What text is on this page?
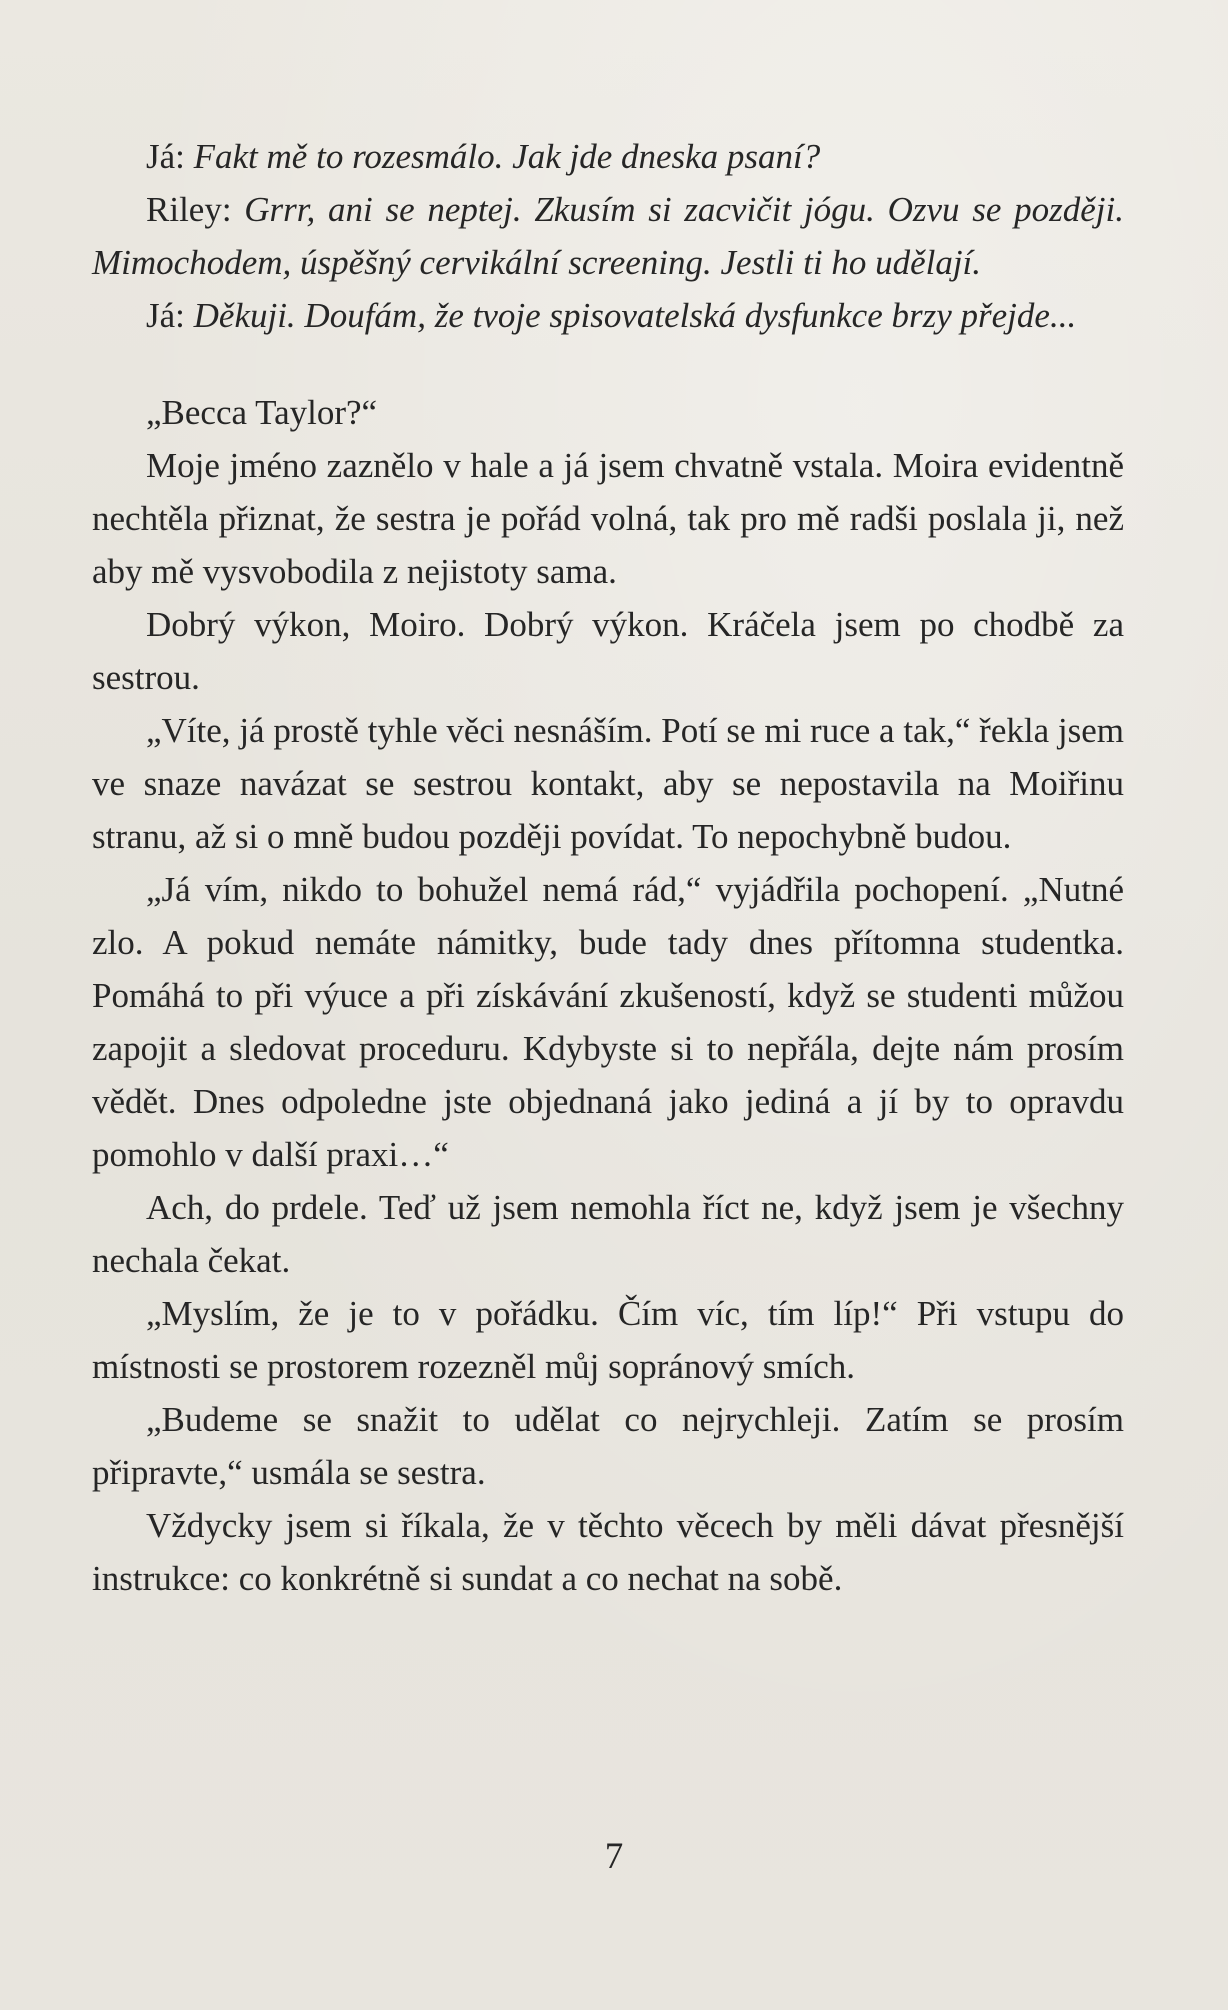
Já: Fakt mě to rozesmálo. Jak jde dneska psaní?

Riley: Grrr, ani se neptej. Zkusím si zacvičit jógu. Ozvu se později. Mimochodem, úspěšný cervikální screening. Jestli ti ho udělají.

Já: Děkuji. Doufám, že tvoje spisovatelská dysfunkce brzy přejde...

„Becca Taylor?“

Moje jméno zaznělo v hale a já jsem chvatně vstala. Moira evidentně nechtěla přiznat, že sestra je pořád volná, tak pro mě radši poslala ji, než aby mě vysvobodila z nejistoty sama.

Dobrý výkon, Moiro. Dobrý výkon. Kráčela jsem po chodbě za sestrou.

„Víte, já prostě tyhle věci nesnáším. Potí se mi ruce a tak,“ řekla jsem ve snaze navázat se sestrou kontakt, aby se nepostavila na Moiřinu stranu, až si o mně budou později povídat. To nepochybně budou.

„Já vím, nikdo to bohužel nemá rád,“ vyjádřila pochopení. „Nutné zlo. A pokud nemáte námitky, bude tady dnes přítomna studentka. Pomáhá to při výuce a při získávání zkušeností, když se studenti můžou zapojit a sledovat proceduru. Kdybyste si to nepřála, dejte nám prosím vědět. Dnes odpoledne jste objednaná jako jediná a jí by to opravdu pomohlo v další praxi…“

Ach, do prdele. Teď už jsem nemohla říct ne, když jsem je všechny nechala čekat.

„Myslím, že je to v pořádku. Čím víc, tím líp!“ Při vstupu do místnosti se prostorem rozezněl můj sopránový smích.

„Budeme se snažit to udělat co nejrychleji. Zatím se prosím připravte,“ usmála se sestra.

Vždycky jsem si říkala, že v těchto věcech by měli dávat přesnější instrukce: co konkrétně si sundat a co nechat na sobě.

7
